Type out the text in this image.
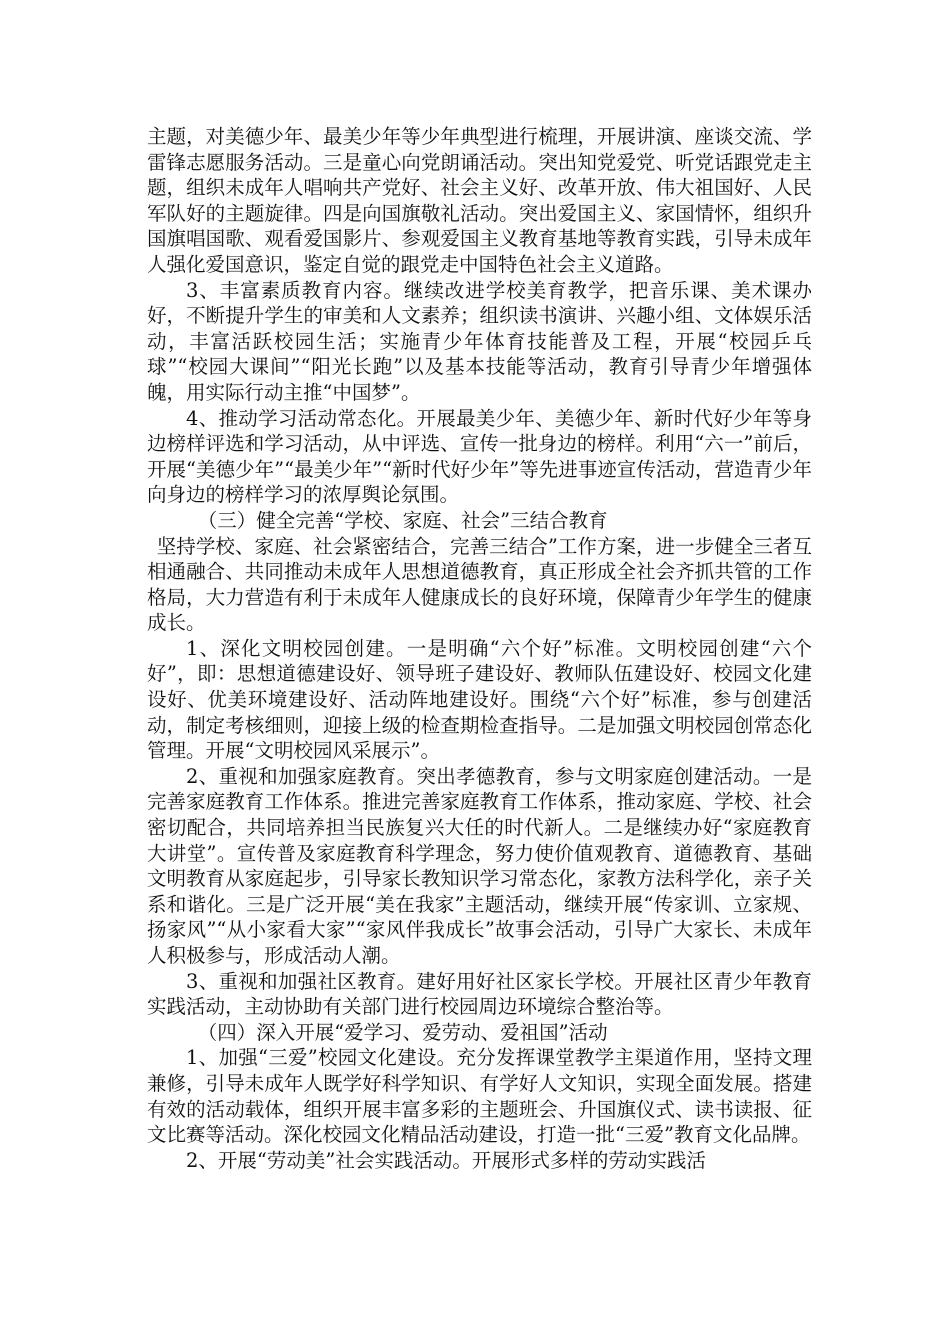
主题，对美德少年、最美少年等少年典型进行梳理，开展讲演、座谈交流、学雷锋志愿服务活动。三是童心向党朗诵活动。突出知党爱党、听党话跟党走主题，组织未成年人唱响共产党好、社会主义好、改革开放、伟大祖国好、人民军队好的主题旋律。四是向国旗敬礼活动。突出爱国主义、家国情怀，组织升国旗唱国歌、观看爱国影片、参观爱国主义教育基地等教育实践，引导未成年人强化爱国意识，鉴定自觉的跟党走中国特色社会主义道路。

3、丰富素质教育内容。继续改进学校美育教学，把音乐课、美术课办好，不断提升学生的审美和人文素养；组织读书演讲、兴趣小组、文体娱乐活动，丰富活跃校园生活；实施青少年体育技能普及工程，开展“校园乒乓球”“校园大课间”“阳光长跑”以及基本技能等活动，教育引导青少年增强体魄，用实际行动主推“中国梦”。

4、推动学习活动常态化。开展最美少年、美德少年、新时代好少年等身边榜样评选和学习活动，从中评选、宣传一批身边的榜样。利用“六一”前后，开展“美德少年”“最美少年”“新时代好少年”等先进事迹宣传活动，营造青少年向身边的榜样学习的浓厚舆论氛围。

（三）健全完善“学校、家庭、社会”三结合教育

坚持学校、家庭、社会紧密结合，完善三结合”工作方案，进一步健全三者互相通融合、共同推动未成年人思想道德教育，真正形成全社会齐抓共管的工作格局，大力营造有利于未成年人健康成长的良好环境，保障青少年学生的健康成长。

1、深化文明校园创建。一是明确“六个好”标准。文明校园创建“六个好”，即：思想道德建设好、领导班子建设好、教师队伍建设好、校园文化建设好、优美环境建设好、活动阵地建设好。围绕“六个好”标准，参与创建活动，制定考核细则，迎接上级的检查期检查指导。二是加强文明校园创常态化管理。开展“文明校园风采展示”。

2、重视和加强家庭教育。突出孝德教育，参与文明家庭创建活动。一是完善家庭教育工作体系。推进完善家庭教育工作体系，推动家庭、学校、社会密切配合，共同培养担当民族复兴大任的时代新人。二是继续办好“家庭教育大讲堂”。宣传普及家庭教育科学理念，努力使价值观教育、道德教育、基础文明教育从家庭起步，引导家长教知识学习常态化，家教方法科学化，亲子关系和谐化。三是广泛开展“美在我家”主题活动，继续开展“传家训、立家规、扬家风”“从小家看大家”“家风伴我成长”故事会活动，引导广大家长、未成年人积极参与，形成活动人潮。

3、重视和加强社区教育。建好用好社区家长学校。开展社区青少年教育实践活动，主动协助有关部门进行校园周边环境综合整治等。

（四）深入开展“爱学习、爱劳动、爱祖国”活动

1、加强“三爱”校园文化建设。充分发挥课堂教学主渠道作用，坚持文理兼修，引导未成年人既学好科学知识、有学好人文知识，实现全面发展。搭建有效的活动载体，组织开展丰富多彩的主题班会、升国旗仪式、读书读报、征文比赛等活动。深化校园文化精品活动建设，打造一批“三爱”教育文化品牌。

2、开展“劳动美”社会实践活动。开展形式多样的劳动实践活
